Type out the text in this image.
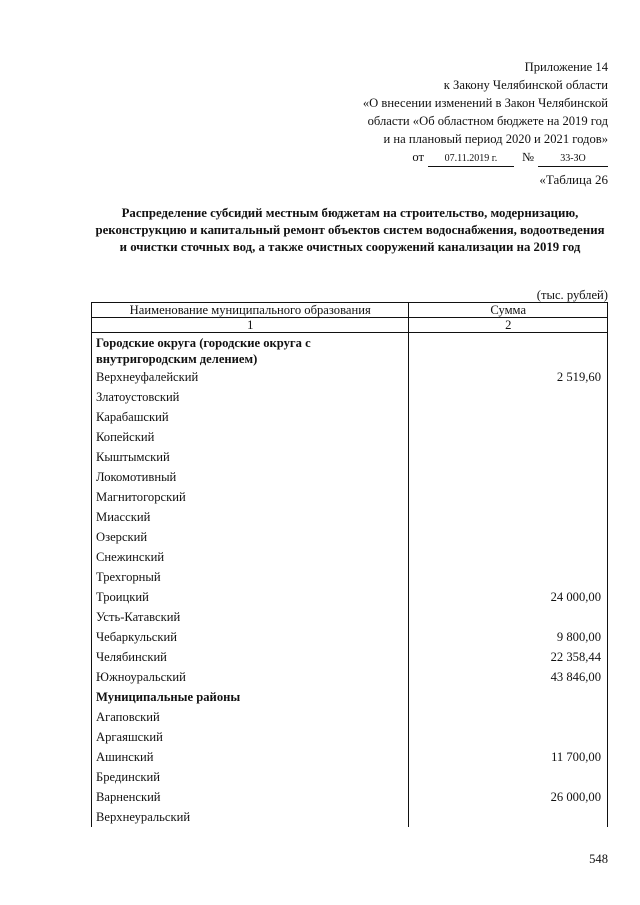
Приложение 14
к Закону Челябинской области
«О внесении изменений в Закон Челябинской
области «Об областном бюджете на 2019 год
и на плановый период 2020 и 2021 годов»
от	07.11.2019 г.	№	33-ЗО
«Таблица 26
Распределение субсидий местным бюджетам на строительство, модернизацию, реконструкцию и капитальный ремонт объектов систем водоснабжения, водоотведения и очистки сточных вод, а также очистных сооружений канализации на 2019 год
(тыс. рублей)
Наименование муниципального образования	Сумма
1	2
Городские округа (городские округа с внутригородским делением)	
Верхнеуфалейский	2 519,60
Златоустовский	
Карабашский	
Копейский	
Кыштымский	
Локомотивный	
Магнитогорский	
Миасский	
Озерский	
Снежинский	
Трехгорный	
Троицкий	24 000,00
Усть-Катавский	
Чебаркульский	9 800,00
Челябинский	22 358,44
Южноуральский	43 846,00
Муниципальные районы	
Агаповский	
Аргаяшский	
Ашинский	11 700,00
Брединский	
Варненский	26 000,00
Верхнеуральский	
548
